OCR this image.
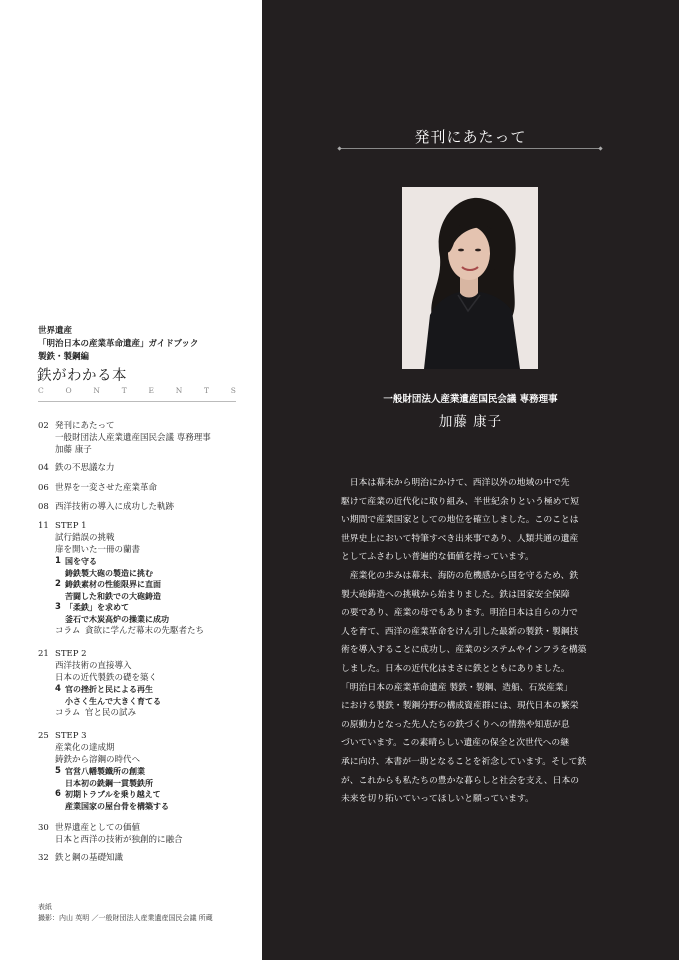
世界遺産
「明治日本の産業革命遺産」ガイドブック
製鉄・製鋼編
鉄がわかる本
C	O	N	T	E	N	T	S
02 発刊にあたって
一般財団法人産業遺産国民会議 専務理事
加藤 康子
04 鉄の不思議な力
06 世界を一変させた産業革命
08 西洋技術の導入に成功した軌跡
11 STEP 1
試行錯誤の挑戦
扉を開いた一冊の蘭書
1 国を守る
鋳鉄製大砲の製造に挑む
2 鋳鉄素材の性能限界に直面
苦闘した和鉄での大砲鋳造
3 「柔鉄」を求めて
釜石で木炭高炉の操業に成功
コラム 貪欲に学んだ幕末の先駆者たち
21 STEP 2
西洋技術の直接導入
日本の近代製鉄の礎を築く
4 官の挫折と民による再生
小さく生んで大きく育てる
コラム 官と民の試み
25 STEP 3
産業化の達成期
鋳鉄から溶鋼の時代へ
5 官営八幡製鐵所の創業
日本初の銑鋼一貫製鉄所
6 初期トラブルを乗り越えて
産業国家の屋台骨を構築する
30 世界遺産としての価値
日本と西洋の技術が独創的に融合
32 鉄と鋼の基礎知識
表紙
撮影：内山 英明 ／一般財団法人産業遺産国民会議 所蔵
発刊にあたって
一般財団法人産業遺産国民会議 専務理事
加藤 康子
　日本は幕末から明治にかけて、西洋以外の地域の中で先
駆けて産業の近代化に取り組み、半世紀余りという極めて短
い期間で産業国家としての地位を確立しました。このことは
世界史上において特筆すべき出来事であり、人類共通の遺産
としてふさわしい普遍的な価値を持っています。
　産業化の歩みは幕末、海防の危機感から国を守るため、鉄
製大砲鋳造への挑戦から始まりました。鉄は国家安全保障
の要であり、産業の母でもあります。明治日本は自らの力で
人を育て、西洋の産業革命をけん引した最新の製鉄・製鋼技
術を導入することに成功し、産業のシステムやインフラを構築
しました。日本の近代化はまさに鉄とともにありました。
「明治日本の産業革命遺産 製鉄・製鋼、造船、石炭産業」
における製鉄・製鋼分野の構成資産群には、現代日本の繁栄
の原動力となった先人たちの鉄づくりへの情熱や知恵が息
づいています。この素晴らしい遺産の保全と次世代への継
承に向け、本書が一助となることを祈念しています。そして鉄
が、これからも私たちの豊かな暮らしと社会を支え、日本の
未来を切り拓いていってほしいと願っています。
